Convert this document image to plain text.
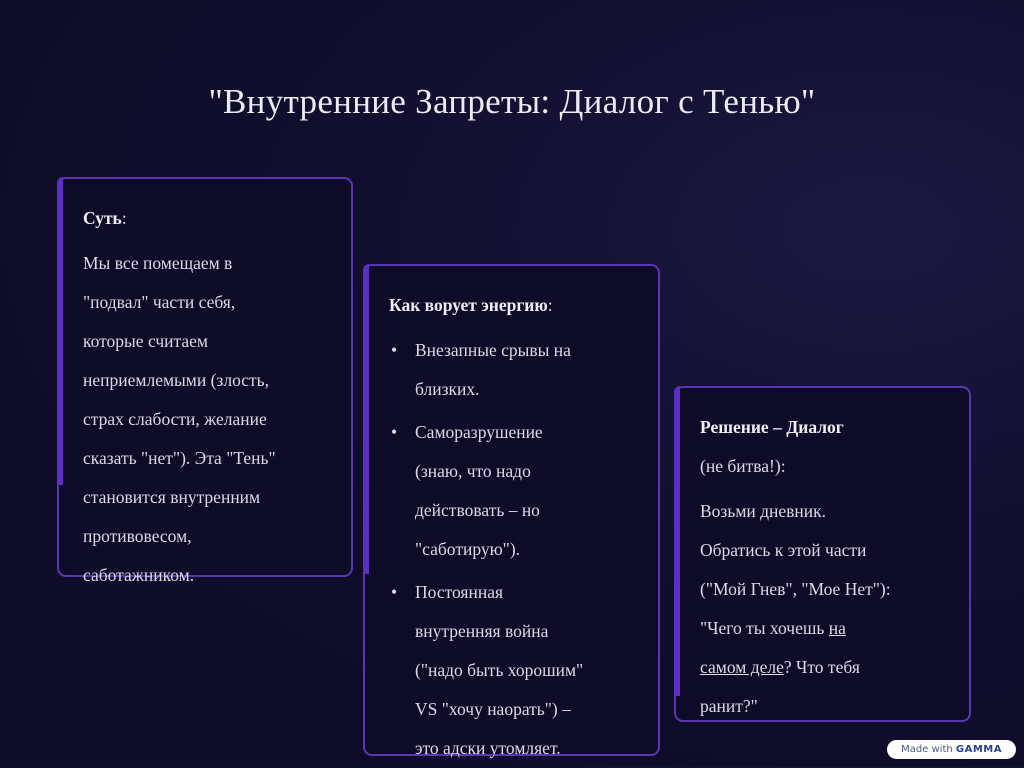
"Внутренние Запреты: Диалог с Тенью"
Суть:

Мы все помещаем в

"подвал" части себя,

которые считаем

неприемлемыми (злость,

страх слабости, желание

сказать "нет"). Эта "Тень"

становится внутренним

противовесом,

саботажником.

Как ворует энергию:
• Внезапные срывы на
близких.
• Саморазрушение
(знаю, что надо
действовать – но
"саботирую").
• Постоянная
внутренняя война
("надо быть хорошим"
VS "хочу наорать") –
это адски утомляет.
Решение – Диалог

(не битва!):

Возьми дневник.

Обратись к этой части

("Мой Гнев", "Мое Нет"):

"Чего ты хочешь на

самом деле? Что тебя

ранит?"

Made with GAMMA
